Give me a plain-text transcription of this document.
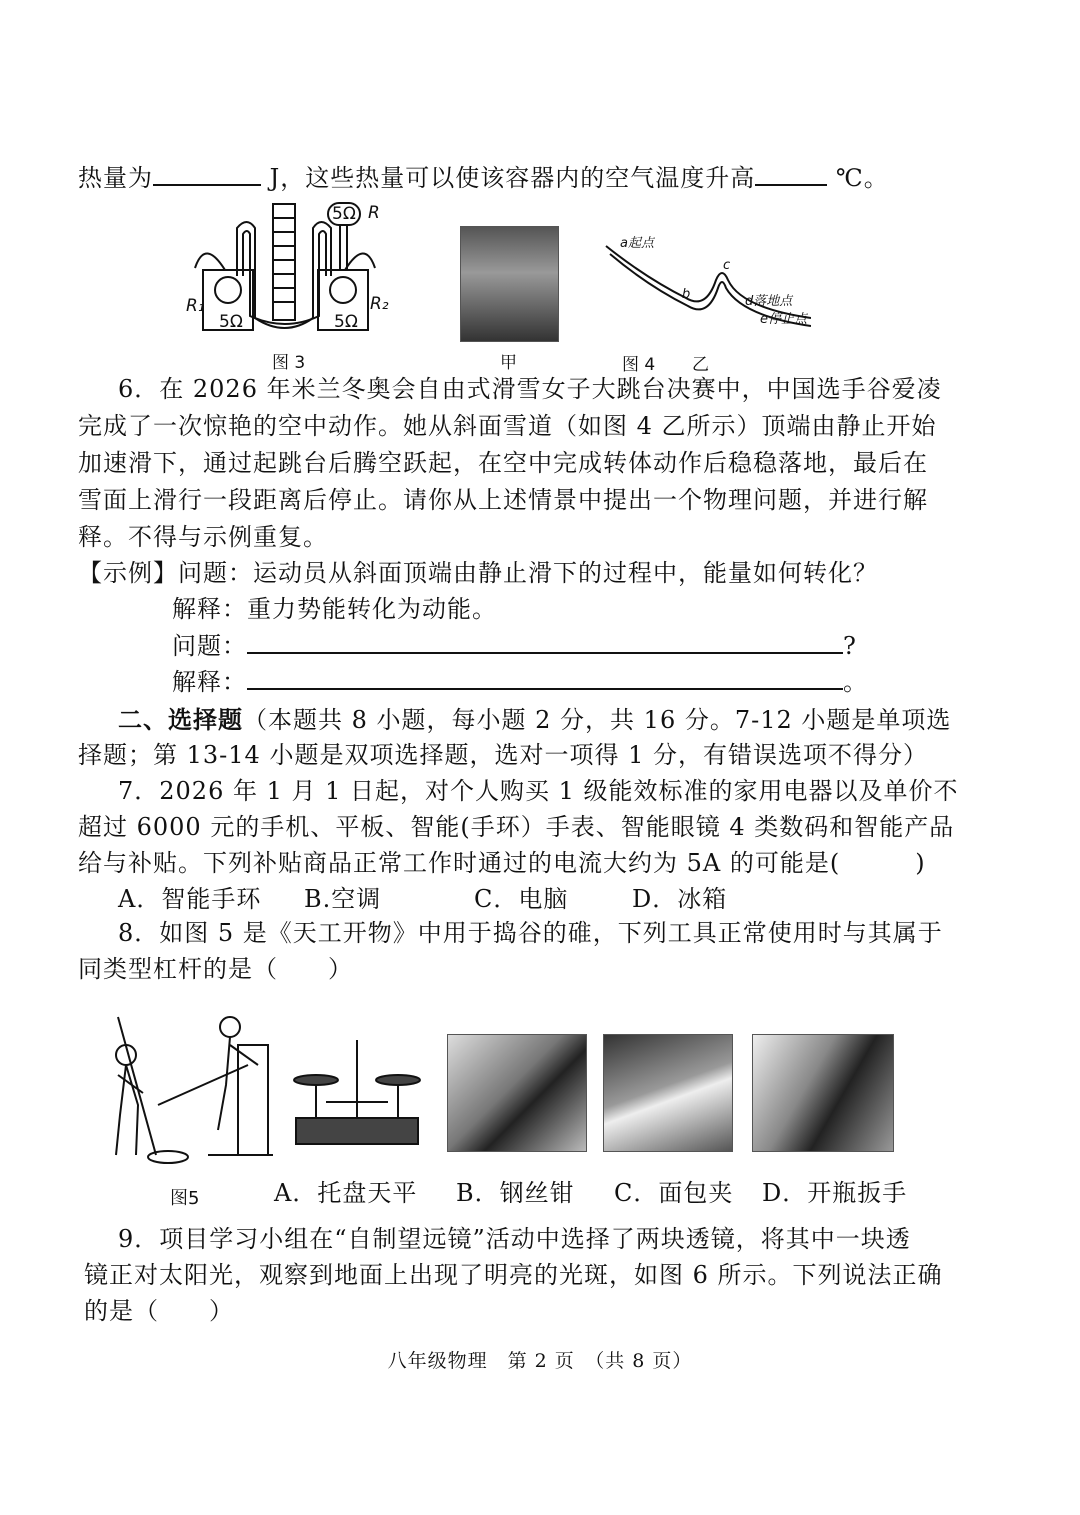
热量为	J，这些热量可以使该容器内的空气温度升高	℃。
5Ω R
R₁	R₂
5Ω	5Ω
图 3	甲
a起点
c
b	d落地点
e停止点
图 4 乙
6．在 2026 年米兰冬奥会自由式滑雪女子大跳台决赛中，中国选手谷爱凌
完成了一次惊艳的空中动作。她从斜面雪道（如图 4 乙所示）顶端由静止开始
加速滑下，通过起跳台后腾空跃起，在空中完成转体动作后稳稳落地，最后在
雪面上滑行一段距离后停止。请你从上述情景中提出一个物理问题，并进行解
释。不得与示例重复。
【示例】问题：运动员从斜面顶端由静止滑下的过程中，能量如何转化？
解释：重力势能转化为动能。
问题：	?
解释：	。
二、选择题（本题共 8 小题，每小题 2 分，共 16 分。7-12 小题是单项选
择题；第 13-14 小题是双项选择题，选对一项得 1 分，有错误选项不得分）
7．2026 年 1 月 1 日起，对个人购买 1 级能效标准的家用电器以及单价不
超过 6000 元的手机、平板、智能(手环）手表、智能眼镜 4 类数码和智能产品
给与补贴。下列补贴商品正常工作时通过的电流大约为 5A 的可能是(　　　)
A．智能手环 B.空调	C．电脑	D．冰箱
8．如图 5 是《天工开物》中用于捣谷的碓，下列工具正常使用时与其属于
同类型杠杆的是（　　）
图5	A．托盘天平 B．钢丝钳 C．面包夹 D．开瓶扳手
9．项目学习小组在“自制望远镜”活动中选择了两块透镜，将其中一块透
镜正对太阳光，观察到地面上出现了明亮的光斑，如图 6 所示。下列说法正确
的是（　　）
八年级物理　第 2 页　（共 8 页）
